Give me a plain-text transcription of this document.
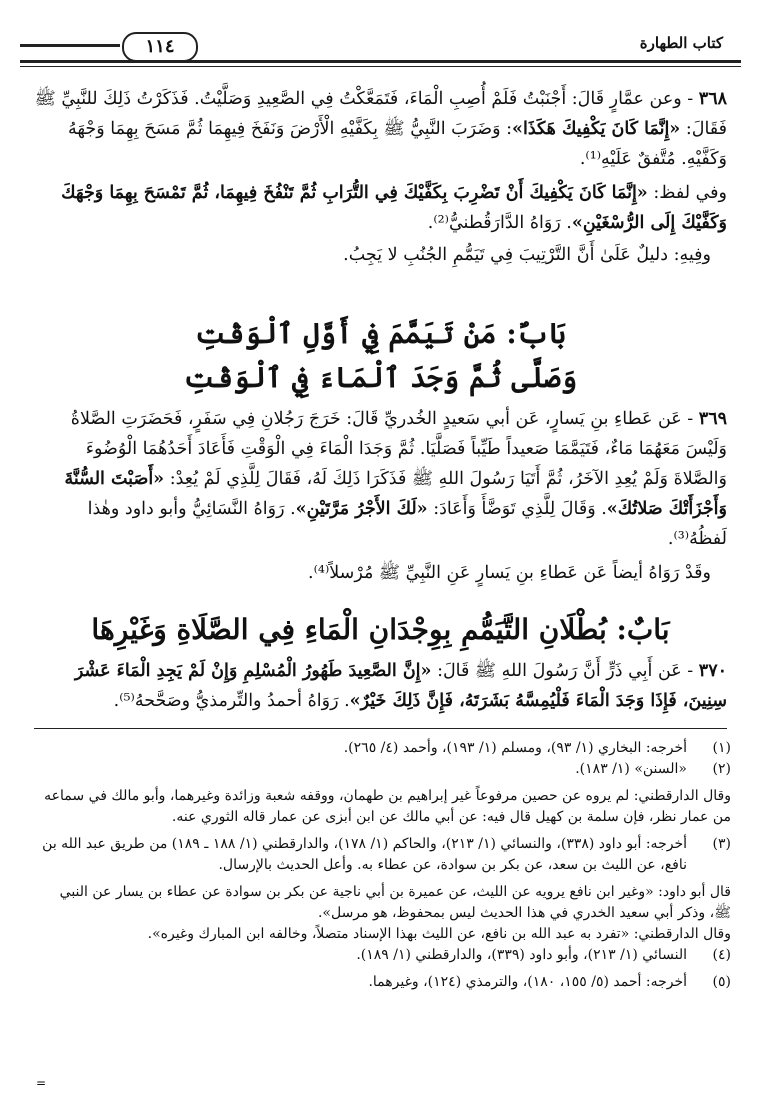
١١٤	كتاب الطهارة

٣٦٨ - وعن عمَّارٍ قَالَ: أَجْنَبْتُ فَلَمْ أُصِبِ الْمَاءَ، فَتَمَعَّكْتُ فِي الصَّعِيدِ وَصَلَّيْتُ. فَذَكَرْتُ ذَلِكَ للنَّبِيِّ ﷺ فَقَالَ: «إِنَّمَا كَانَ يَكْفِيكَ هَكَذَا»: وَضَرَبَ النَّبِيُّ ﷺ بِكَفَّيْهِ الْأَرْضَ وَنَفَخَ فِيهِمَا ثُمَّ مَسَحَ بِهِمَا وَجْهَهُ وَكَفَّيْهِ. مُتَّفقٌ عَلَيْهِ⁽¹⁾.

وفي لفظ: «إِنَّمَا كَانَ يَكْفِيكَ أَنْ تَضْرِبَ بِكَفَّيْكَ فِي التُّرَابِ ثُمَّ تَنْفُخَ فِيهِمَا، ثُمَّ تَمْسَحَ بِهِمَا وَجْهَكَ وَكَفَّيْكَ إِلَى الرُّسْغَيْنِ». رَوَاهُ الدَّارَقُطنيُّ⁽²⁾.

وفِيهِ: دليلٌ عَلَىٰ أَنَّ التَّرْتِيبَ فِي تَيَمُّمِ الجُنُبِ لا يَجِبُ.

بَابٌ: مَنْ تَيَمَّمَ فِي أَوَّلِ ٱلْوَقْتِ
وَصَلَّى ثُمَّ وَجَدَ ٱلْمَاءَ فِي ٱلْوَقْتِ

٣٦٩ - عَن عَطاءِ بنِ يَسارٍ، عَن أبي سَعيدٍ الخُدريِّ قَالَ: خَرَجَ رَجُلانِ فِي سَفَرٍ، فَحَضَرَتِ الصَّلاةُ وَلَيْسَ مَعَهُمَا مَاءٌ، فَتَيَمَّمَا صَعيداً طَيِّباً فَصَلَّيَا. ثُمَّ وَجَدَا الْمَاءَ فِي الْوَقْتِ فَأَعَادَ أَحَدُهُمَا الْوُضُوءَ وَالصَّلاةَ وَلَمْ يُعِدِ الآخَرُ، ثُمَّ أَتَيَا رَسُولَ اللهِ ﷺ فَذَكَرَا ذَلِكَ لَهُ، فَقَالَ لِلَّذِي لَمْ يُعِدْ: «أَصَبْتَ السُّنَّةَ وَأَجْزَأَتْكَ صَلاتُكَ». وَقَالَ لِلَّذِي تَوَضَّأَ وَأَعَادَ: «لَكَ الأَجْرُ مَرَّتَيْنِ». رَوَاهُ النَّسَائِيُّ وأبو داود وهٰذا لَفظُهُ⁽³⁾.

وقَدْ رَوَاهُ أيضاً عَن عَطاءِ بنِ يَسارٍ عَنِ النَّبِيِّ ﷺ مُرْسلاً⁽⁴⁾.

بَابٌ: بُطْلَانِ التَّيَمُّمِ بِوِجْدَانِ الْمَاءِ فِي الصَّلَاةِ وَغَيْرِهَا

٣٧٠ - عَن أَبِي ذَرٍّ أَنَّ رَسُولَ اللهِ ﷺ قَالَ: «إِنَّ الصَّعِيدَ طَهُورُ الْمُسْلِمِ وَإِنْ لَمْ يَجِدِ الْمَاءَ عَشْرَ سِنِينَ، فَإِذَا وَجَدَ الْمَاءَ فَلْيُمِسَّهُ بَشَرَتَهُ، فَإِنَّ ذَلِكَ خَيْرٌ». رَوَاهُ أحمدُ والتِّرمذيُّ وصَحَّحهُ⁽⁵⁾.

(١)
أخرجه: البخاري (١/ ٩٣)، ومسلم (١/ ١٩٣)، وأحمد (٤/ ٢٦٥).

(٢)
«السنن» (١/ ١٨٣).

وقال الدارقطني: لم يروه عن حصين مرفوعاً غير إبراهيم بن طهمان، ووقفه شعبة وزائدة وغيرهما، وأبو مالك في سماعه من عمار نظر، فإن سلمة بن كهيل قال فيه: عن أبي مالك عن ابن أبزى عن عمار قاله الثوري عنه.

(٣)
أخرجه: أبو داود (٣٣٨)، والنسائي (١/ ٢١٣)، والحاكم (١/ ١٧٨)، والدارقطني (١/ ١٨٨ ـ ١٨٩) من طريق عبد الله بن نافع، عن الليث بن سعد، عن بكر بن سوادة، عن عطاء به. وأعل الحديث بالإرسال.

قال أبو داود: «وغير ابن نافع يرويه عن الليث، عن عميرة بن أبي ناجية عن بكر بن سوادة عن عطاء بن يسار عن النبي ﷺ، وذكر أبي سعيد الخدري في هذا الحديث ليس بمحفوظ، هو مرسل».

وقال الدارقطني: «تفرد به عبد الله بن نافع، عن الليث بهذا الإسناد متصلاً، وخالفه ابن المبارك وغيره».

(٤)
النسائي (١/ ٢١٣)، وأبو داود (٣٣٩)، والدارقطني (١/ ١٨٩).

(٥)
أخرجه: أحمد (٥/ ١٥٥، ١٨٠)، والترمذي (١٢٤)، وغيرهما.

=
